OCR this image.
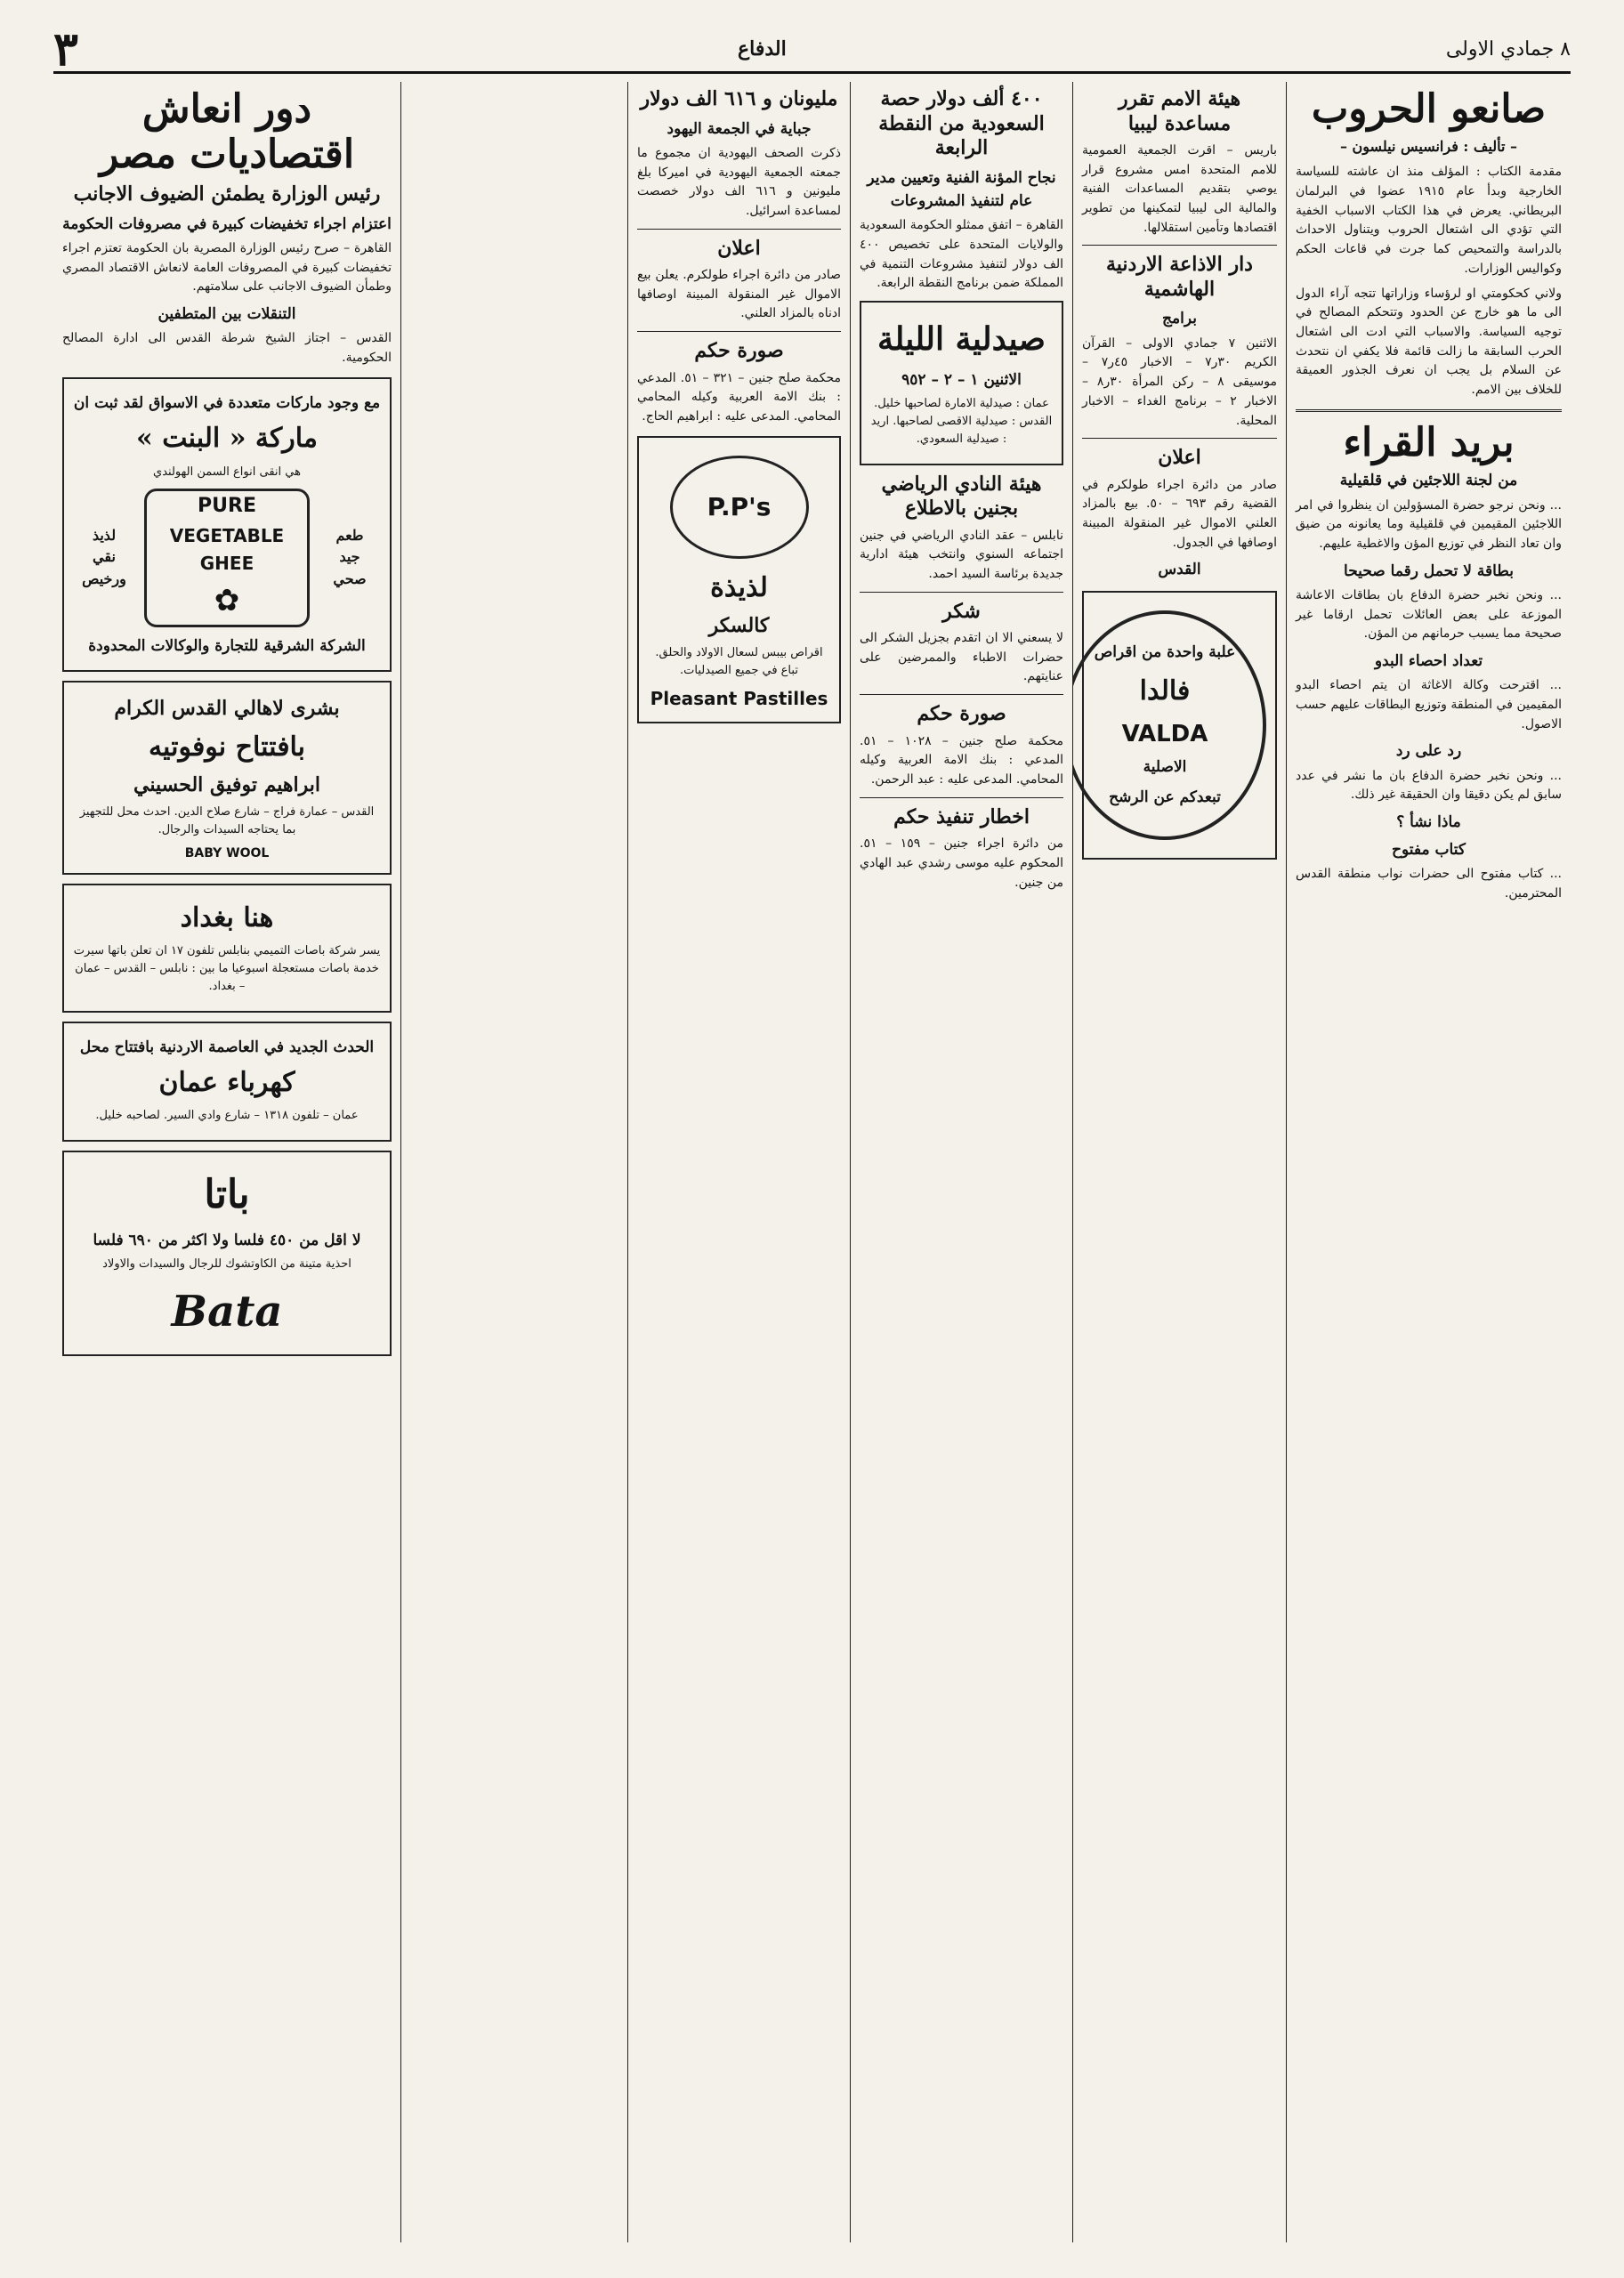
٨ جمادي الاولى
الدفاع
٣
صانعو الحروب
– تأليف : فرانسيس نيلسون –

مقدمة الكتاب : المؤلف منذ ان عاشته للسياسة الخارجية وبدأ عام ١٩١٥ عضوا في البرلمان البريطاني. يعرض في هذا الكتاب الاسباب الخفية التي تؤدي الى اشتعال الحروب ويتناول الاحداث بالدراسة والتمحيص كما جرت في قاعات الحكم وكواليس الوزارات.

ولاني كحكومتي او لرؤساء وزاراتها تتجه آراء الدول الى ما هو خارج عن الحدود وتتحكم المصالح في توجيه السياسة. والاسباب التي ادت الى اشتعال الحرب السابقة ما زالت قائمة فلا يكفي ان نتحدث عن السلام بل يجب ان نعرف الجذور العميقة للخلاف بين الامم.

بريد القراء
من لجنة اللاجئين في قلقيلية

... ونحن نرجو حضرة المسؤولين ان ينظروا في امر اللاجئين المقيمين في قلقيلية وما يعانونه من ضيق وان تعاد النظر في توزيع المؤن والاغطية عليهم.

بطاقة لا تحمل رقما صحيحا

... ونحن نخبر حضرة الدفاع بان بطاقات الاعاشة الموزعة على بعض العائلات تحمل ارقاما غير صحيحة مما يسبب حرمانهم من المؤن.

تعداد احصاء البدو

... اقترحت وكالة الاغاثة ان يتم احصاء البدو المقيمين في المنطقة وتوزيع البطاقات عليهم حسب الاصول.

رد على رد

... ونحن نخبر حضرة الدفاع بان ما نشر في عدد سابق لم يكن دقيقا وان الحقيقة غير ذلك.

ماذا نشأ ؟
كتاب مفتوح

... كتاب مفتوح الى حضرات نواب منطقة القدس المحترمين.

هيئة الامم تقرر مساعدة ليبيا

باريس – اقرت الجمعية العمومية للامم المتحدة امس مشروع قرار يوصي بتقديم المساعدات الفنية والمالية الى ليبيا لتمكينها من تطوير اقتصادها وتأمين استقلالها.

دار الاذاعة الاردنية الهاشمية
برامج

الاثنين ٧ جمادي الاولى – القرآن الكريم ٣٠ر٧ – الاخبار ٤٥ر٧ – موسيقى ٨ – ركن المرأة ٣٠ر٨ – الاخبار ٢ – برنامج الغداء – الاخبار المحلية.

اعلان

صادر من دائرة اجراء طولكرم في القضية رقم ٦٩٣ – ٥٠. بيع بالمزاد العلني الاموال غير المنقولة المبينة اوصافها في الجدول.

القدس
علبة واحدة من اقراص
فالدا
VALDA
الاصلية
تبعدكم عن الرشح
٤٠٠ ألف دولار حصة السعودية من النقطة الرابعة
نجاح المؤنة الفنية وتعيين مدير عام لتنفيذ المشروعات

القاهرة – اتفق ممثلو الحكومة السعودية والولايات المتحدة على تخصيص ٤٠٠ الف دولار لتنفيذ مشروعات التنمية في المملكة ضمن برنامج النقطة الرابعة.

صيدلية الليلة
الاثنين ١ – ٢ – ٩٥٢

عمان : صيدلية الامارة لصاحبها خليل. القدس : صيدلية الاقصى لصاحبها. اريد : صيدلية السعودي.

هيئة النادي الرياضي بجنين بالاطلاع

نابلس – عقد النادي الرياضي في جنين اجتماعه السنوي وانتخب هيئة ادارية جديدة برئاسة السيد احمد.

شكر

لا يسعني الا ان اتقدم بجزيل الشكر الى حضرات الاطباء والممرضين على عنايتهم.

صورة حكم

محكمة صلح جنين – ١٠٢٨ – ٥١. المدعي : بنك الامة العربية وكيله المحامي. المدعى عليه : عبد الرحمن.

اخطار تنفيذ حكم

من دائرة اجراء جنين – ١٥٩ – ٥١. المحكوم عليه موسى رشدي عبد الهادي من جنين.

مليونان و ٦١٦ الف دولار
جباية في الجمعة اليهود

ذكرت الصحف اليهودية ان مجموع ما جمعته الجمعية اليهودية في اميركا بلغ مليونين و ٦١٦ الف دولار خصصت لمساعدة اسرائيل.

اعلان

صادر من دائرة اجراء طولكرم. يعلن بيع الاموال غير المنقولة المبينة اوصافها ادناه بالمزاد العلني.

صورة حكم

محكمة صلح جنين – ٣٢١ – ٥١. المدعي : بنك الامة العربية وكيله المحامي المحامي. المدعى عليه : ابراهيم الحاج.

P.P's
لذيذة
كالسكر

اقراص بيبس لسعال الاولاد والحلق. تباع في جميع الصيدليات.

Pleasant Pastilles
دور انعاش اقتصاديات مصر
رئيس الوزارة يطمئن الضيوف الاجانب
اعتزام اجراء تخفيضات كبيرة في مصروفات الحكومة

القاهرة – صرح رئيس الوزارة المصرية بان الحكومة تعتزم اجراء تخفيضات كبيرة في المصروفات العامة لانعاش الاقتصاد المصري وطمأن الضيوف الاجانب على سلامتهم.

التنقلات بين المتطفين

القدس – اجتاز الشيخ شرطة القدس الى ادارة المصالح الحكومية.

مع وجود ماركات متعددة في الاسواق لقد ثبت ان
ماركة « البنت »
هي انقى انواع السمن الهولندي
طعم
جيد
صحي
PURE
VEGETABLE GHEE
✿
لذيذ
نقي
ورخيص
الشركة الشرقية للتجارة والوكالات المحدودة
بشرى لاهالي القدس الكرام
بافتتاح نوفوتيه
ابراهيم توفيق الحسيني

القدس – عمارة فراج – شارع صلاح الدين. احدث محل للتجهيز بما يحتاجه السيدات والرجال.

BABY WOOL
هنا بغداد

يسر شركة باصات التميمي بنابلس تلفون ١٧ ان تعلن باتها سيرت خدمة باصات مستعجلة اسبوعيا ما بين : نابلس – القدس – عمان – بغداد.

الحدث الجديد في العاصمة الاردنية بافتتاح محل
كهرباء عمان

عمان – تلفون ١٣١٨ – شارع وادي السير. لصاحبه خليل.

باتا
لا اقل من ٤٥٠ فلسا ولا اكثر من ٦٩٠ فلسا

احذية متينة من الكاوتشوك للرجال والسيدات والاولاد

Bata
